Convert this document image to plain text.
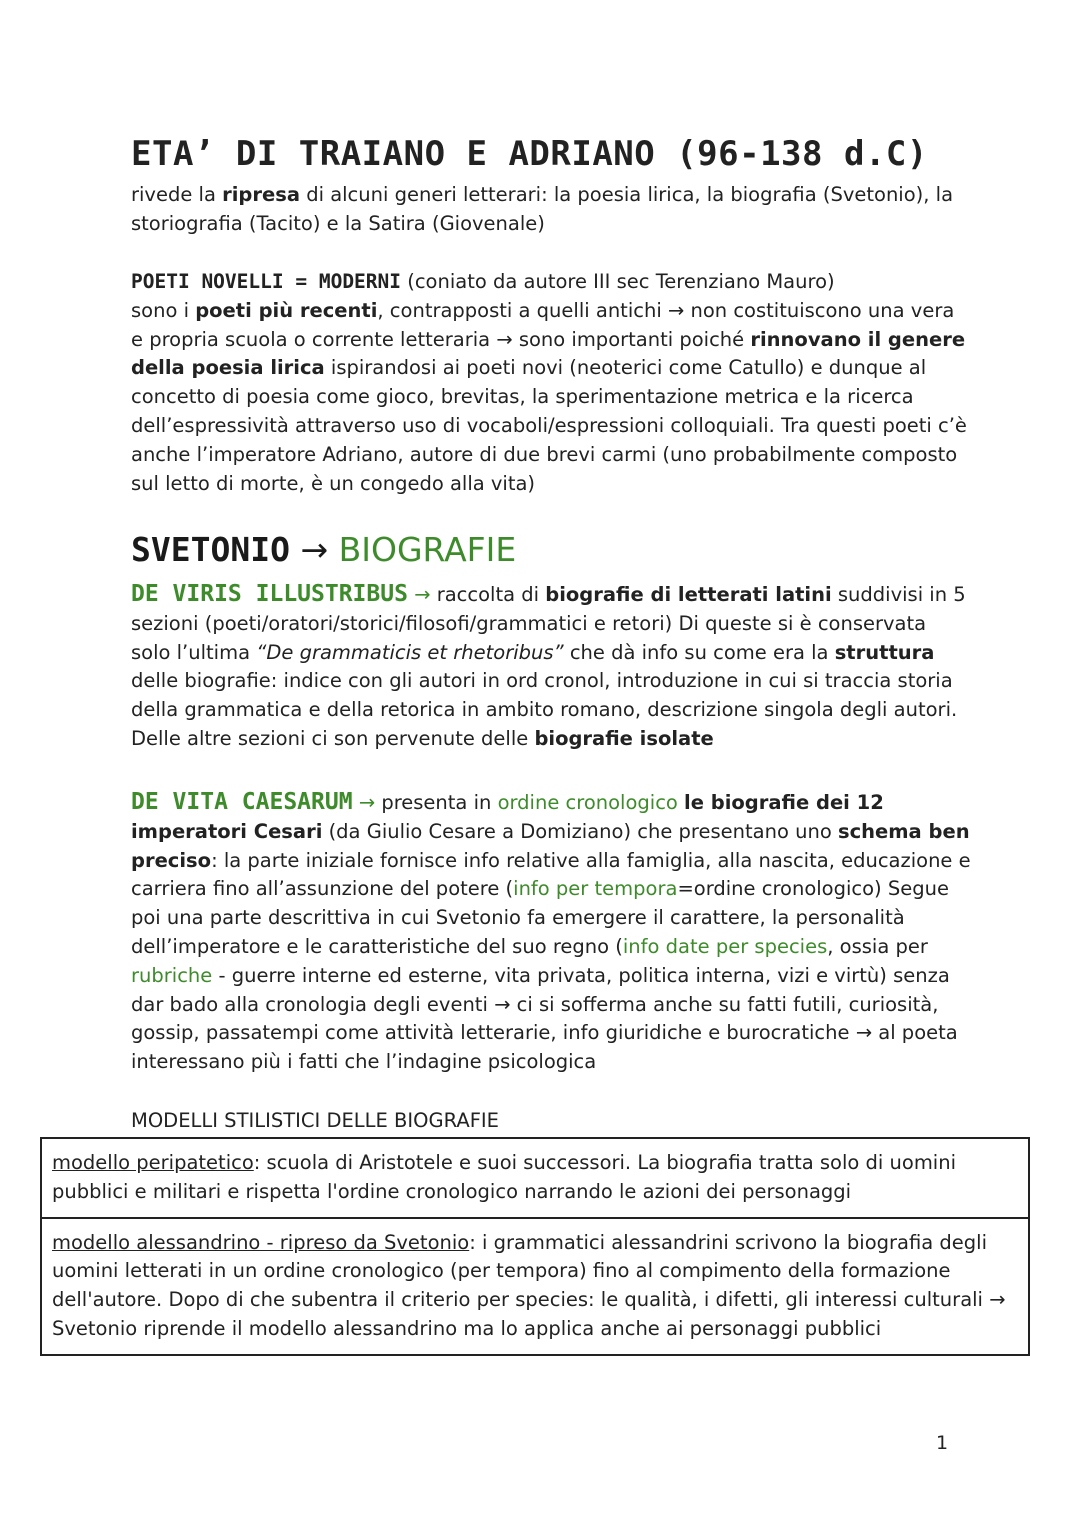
ETA’ DI TRAIANO E ADRIANO (96-138 d.C)
rivede la ripresa di alcuni generi letterari: la poesia lirica, la biografia (Svetonio), la storiografia (Tacito) e la Satira (Giovenale)
POETI NOVELLI = MODERNI (coniato da autore III sec Terenziano Mauro)
sono i poeti più recenti, contrapposti a quelli antichi → non costituiscono una vera e propria scuola o corrente letteraria → sono importanti poiché rinnovano il genere della poesia lirica ispirandosi ai poeti novi (neoterici come Catullo) e dunque al concetto di poesia come gioco, brevitas, la sperimentazione metrica e la ricerca dell’espressività attraverso uso di vocaboli/espressioni colloquiali. Tra questi poeti c’è anche l’imperatore Adriano, autore di due brevi carmi (uno probabilmente composto sul letto di morte, è un congedo alla vita)
SVETONIO → BIOGRAFIE
DE VIRIS ILLUSTRIBUS → raccolta di biografie di letterati latini suddivisi in 5 sezioni (poeti/oratori/storici/filosofi/grammatici e retori) Di queste si è conservata solo l’ultima “De grammaticis et rhetoribus” che dà info su come era la struttura delle biografie: indice con gli autori in ord cronol, introduzione in cui si traccia storia della grammatica e della retorica in ambito romano, descrizione singola degli autori. Delle altre sezioni ci son pervenute delle biografie isolate
DE VITA CAESARUM → presenta in ordine cronologico le biografie dei 12 imperatori Cesari (da Giulio Cesare a Domiziano) che presentano uno schema ben preciso: la parte iniziale fornisce info relative alla famiglia, alla nascita, educazione e carriera fino all’assunzione del potere (info per tempora=ordine cronologico) Segue poi una parte descrittiva in cui Svetonio fa emergere il carattere, la personalità dell’imperatore e le caratteristiche del suo regno (info date per species, ossia per rubriche - guerre interne ed esterne, vita privata, politica interna, vizi e virtù) senza dar bado alla cronologia degli eventi → ci si sofferma anche su fatti futili, curiosità, gossip, passatempi come attività letterarie, info giuridiche e burocratiche → al poeta interessano più i fatti che l’indagine psicologica
MODELLI STILISTICI DELLE BIOGRAFIE
modello peripatetico: scuola di Aristotele e suoi successori. La biografia tratta solo di uomini pubblici e militari e rispetta l'ordine cronologico narrando le azioni dei personaggi
modello alessandrino - ripreso da Svetonio: i grammatici alessandrini scrivono la biografia degli uomini letterati in un ordine cronologico (per tempora) fino al compimento della formazione dell'autore. Dopo di che subentra il criterio per species: le qualità, i difetti, gli interessi culturali → Svetonio riprende il modello alessandrino ma lo applica anche ai personaggi pubblici
1
